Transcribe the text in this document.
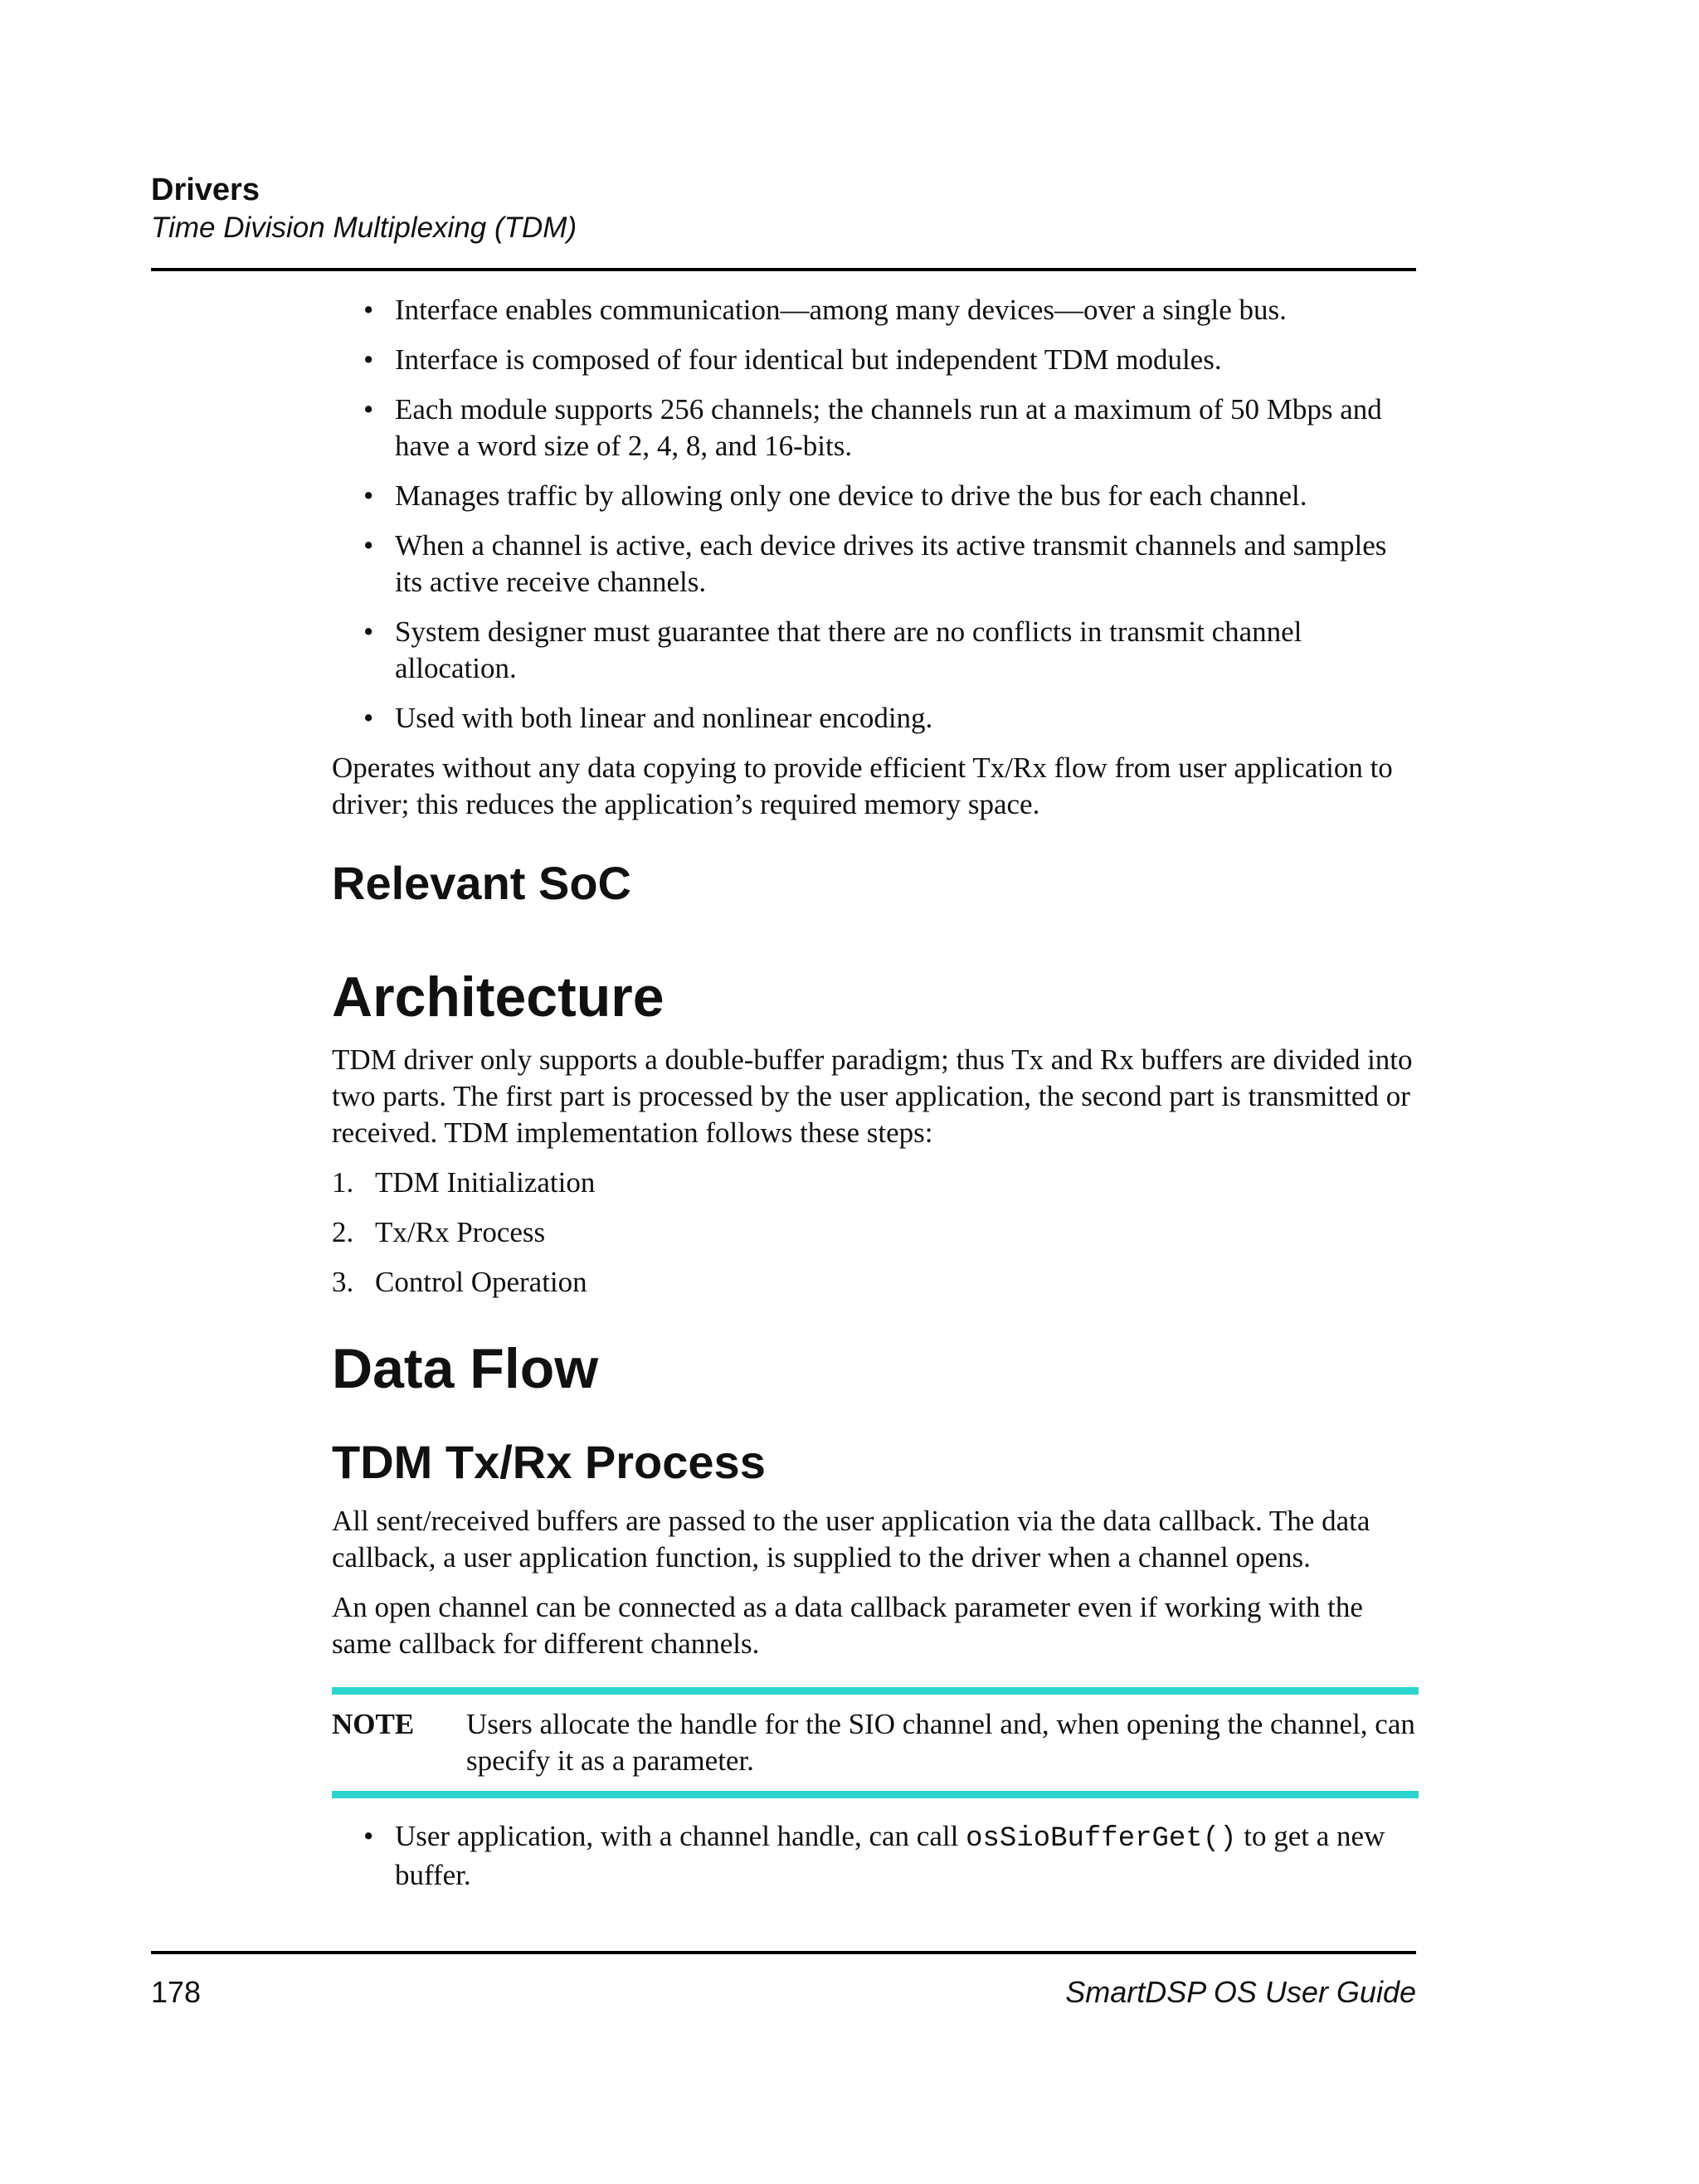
Drivers
Time Division Multiplexing (TDM)
• Interface enables communication—among many devices—over a single bus.
• Interface is composed of four identical but independent TDM modules.
• Each module supports 256 channels; the channels run at a maximum of 50 Mbps and have a word size of 2, 4, 8, and 16-bits.
• Manages traffic by allowing only one device to drive the bus for each channel.
• When a channel is active, each device drives its active transmit channels and samples its active receive channels.
• System designer must guarantee that there are no conflicts in transmit channel allocation.
• Used with both linear and nonlinear encoding.

Operates without any data copying to provide efficient Tx/Rx flow from user application to driver; this reduces the application’s required memory space.

Relevant SoC
Architecture

TDM driver only supports a double-buffer paradigm; thus Tx and Rx buffers are divided into two parts. The first part is processed by the user application, the second part is transmitted or received. TDM implementation follows these steps:

1. TDM Initialization
2. Tx/Rx Process
3. Control Operation
Data Flow
TDM Tx/Rx Process

All sent/received buffers are passed to the user application via the data callback. The data callback, a user application function, is supplied to the driver when a channel opens.

An open channel can be connected as a data callback parameter even if working with the same callback for different channels.

NOTE Users allocate the handle for the SIO channel and, when opening the channel, can specify it as a parameter.
• User application, with a channel handle, can call osSioBufferGet() to get a new buffer.
178	SmartDSP OS User Guide
